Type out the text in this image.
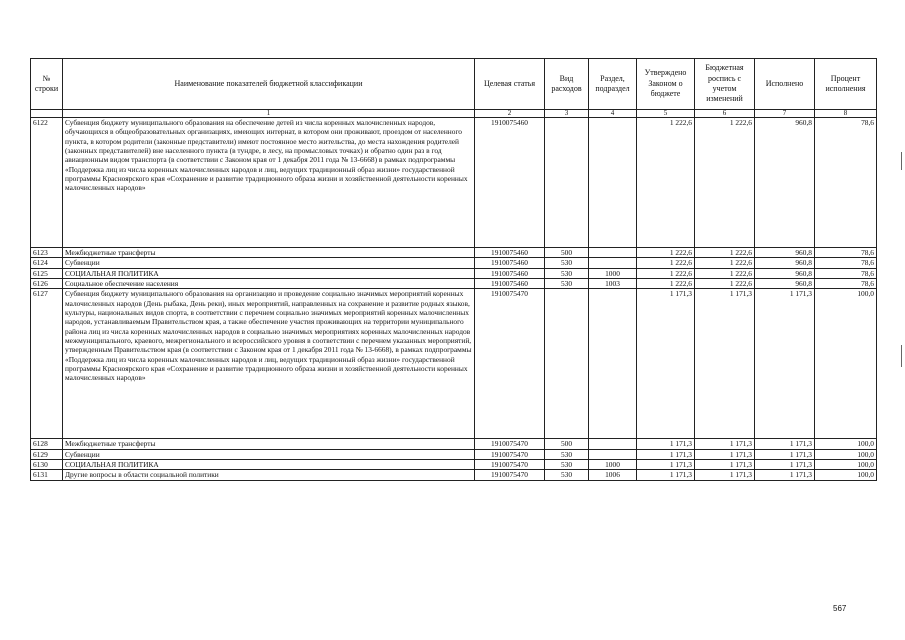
№ строки	Наименование показателей бюджетной классификации	Целевая статья	Вид расходов	Раздел, подраздел	Утверждено Законом о бюджете	Бюджетная роспись с учетом изменений	Исполнено	Процент исполнения
	1	2	3	4	5	6	7	8
6122	Субвенция бюджету муниципального образования на обеспечение детей из числа коренных малочисленных народов, обучающихся в общеобразовательных организациях, имеющих интернат, в котором они проживают, проездом от населенного пункта, в котором родители (законные представители) имеют постоянное место жительства, до места нахождения родителей (законных представителей) вне населенного пункта (в тундре, в лесу, на промысловых точках) и обратно один раз в год авиационным видом транспорта (в соответствии с Законом края от 1 декабря 2011 года № 13-6668) в рамках подпрограммы «Поддержка лиц из числа коренных малочисленных народов и лиц, ведущих традиционный образ жизни» государственной программы Красноярского края «Сохранение и развитие традиционного образа жизни и хозяйственной деятельности коренных малочисленных народов»	1910075460			1 222,6	1 222,6	960,8	78,6
6123	Межбюджетные трансферты	1910075460	500		1 222,6	1 222,6	960,8	78,6
6124	Субвенции	1910075460	530		1 222,6	1 222,6	960,8	78,6
6125	СОЦИАЛЬНАЯ ПОЛИТИКА	1910075460	530	1000	1 222,6	1 222,6	960,8	78,6
6126	Социальное обеспечение населения	1910075460	530	1003	1 222,6	1 222,6	960,8	78,6
6127	Субвенция бюджету муниципального образования на организацию и проведение социально значимых мероприятий коренных малочисленных народов (День рыбака, День реки), иных мероприятий, направленных на сохранение и развитие родных языков, культуры, национальных видов спорта, в соответствии с перечнем социально значимых мероприятий коренных малочисленных народов, устанавливаемым Правительством края, а также обеспечение участия проживающих на территории муниципального района лиц из числа коренных малочисленных народов в социально значимых мероприятиях коренных малочисленных народов межмуниципального, краевого, межрегионального и всероссийского уровня в соответствии с перечнем указанных мероприятий, утвержденным Правительством края (в соответствии с Законом края от 1 декабря 2011 года № 13-6668), в рамках подпрограммы «Поддержка лиц из числа коренных малочисленных народов и лиц, ведущих традиционный образ жизни» государственной программы Красноярского края «Сохранение и развитие традиционного образа жизни и хозяйственной деятельности коренных малочисленных народов»	1910075470			1 171,3	1 171,3	1 171,3	100,0
6128	Межбюджетные трансферты	1910075470	500		1 171,3	1 171,3	1 171,3	100,0
6129	Субвенции	1910075470	530		1 171,3	1 171,3	1 171,3	100,0
6130	СОЦИАЛЬНАЯ ПОЛИТИКА	1910075470	530	1000	1 171,3	1 171,3	1 171,3	100,0
6131	Другие вопросы в области социальной политики	1910075470	530	1006	1 171,3	1 171,3	1 171,3	100,0
567
